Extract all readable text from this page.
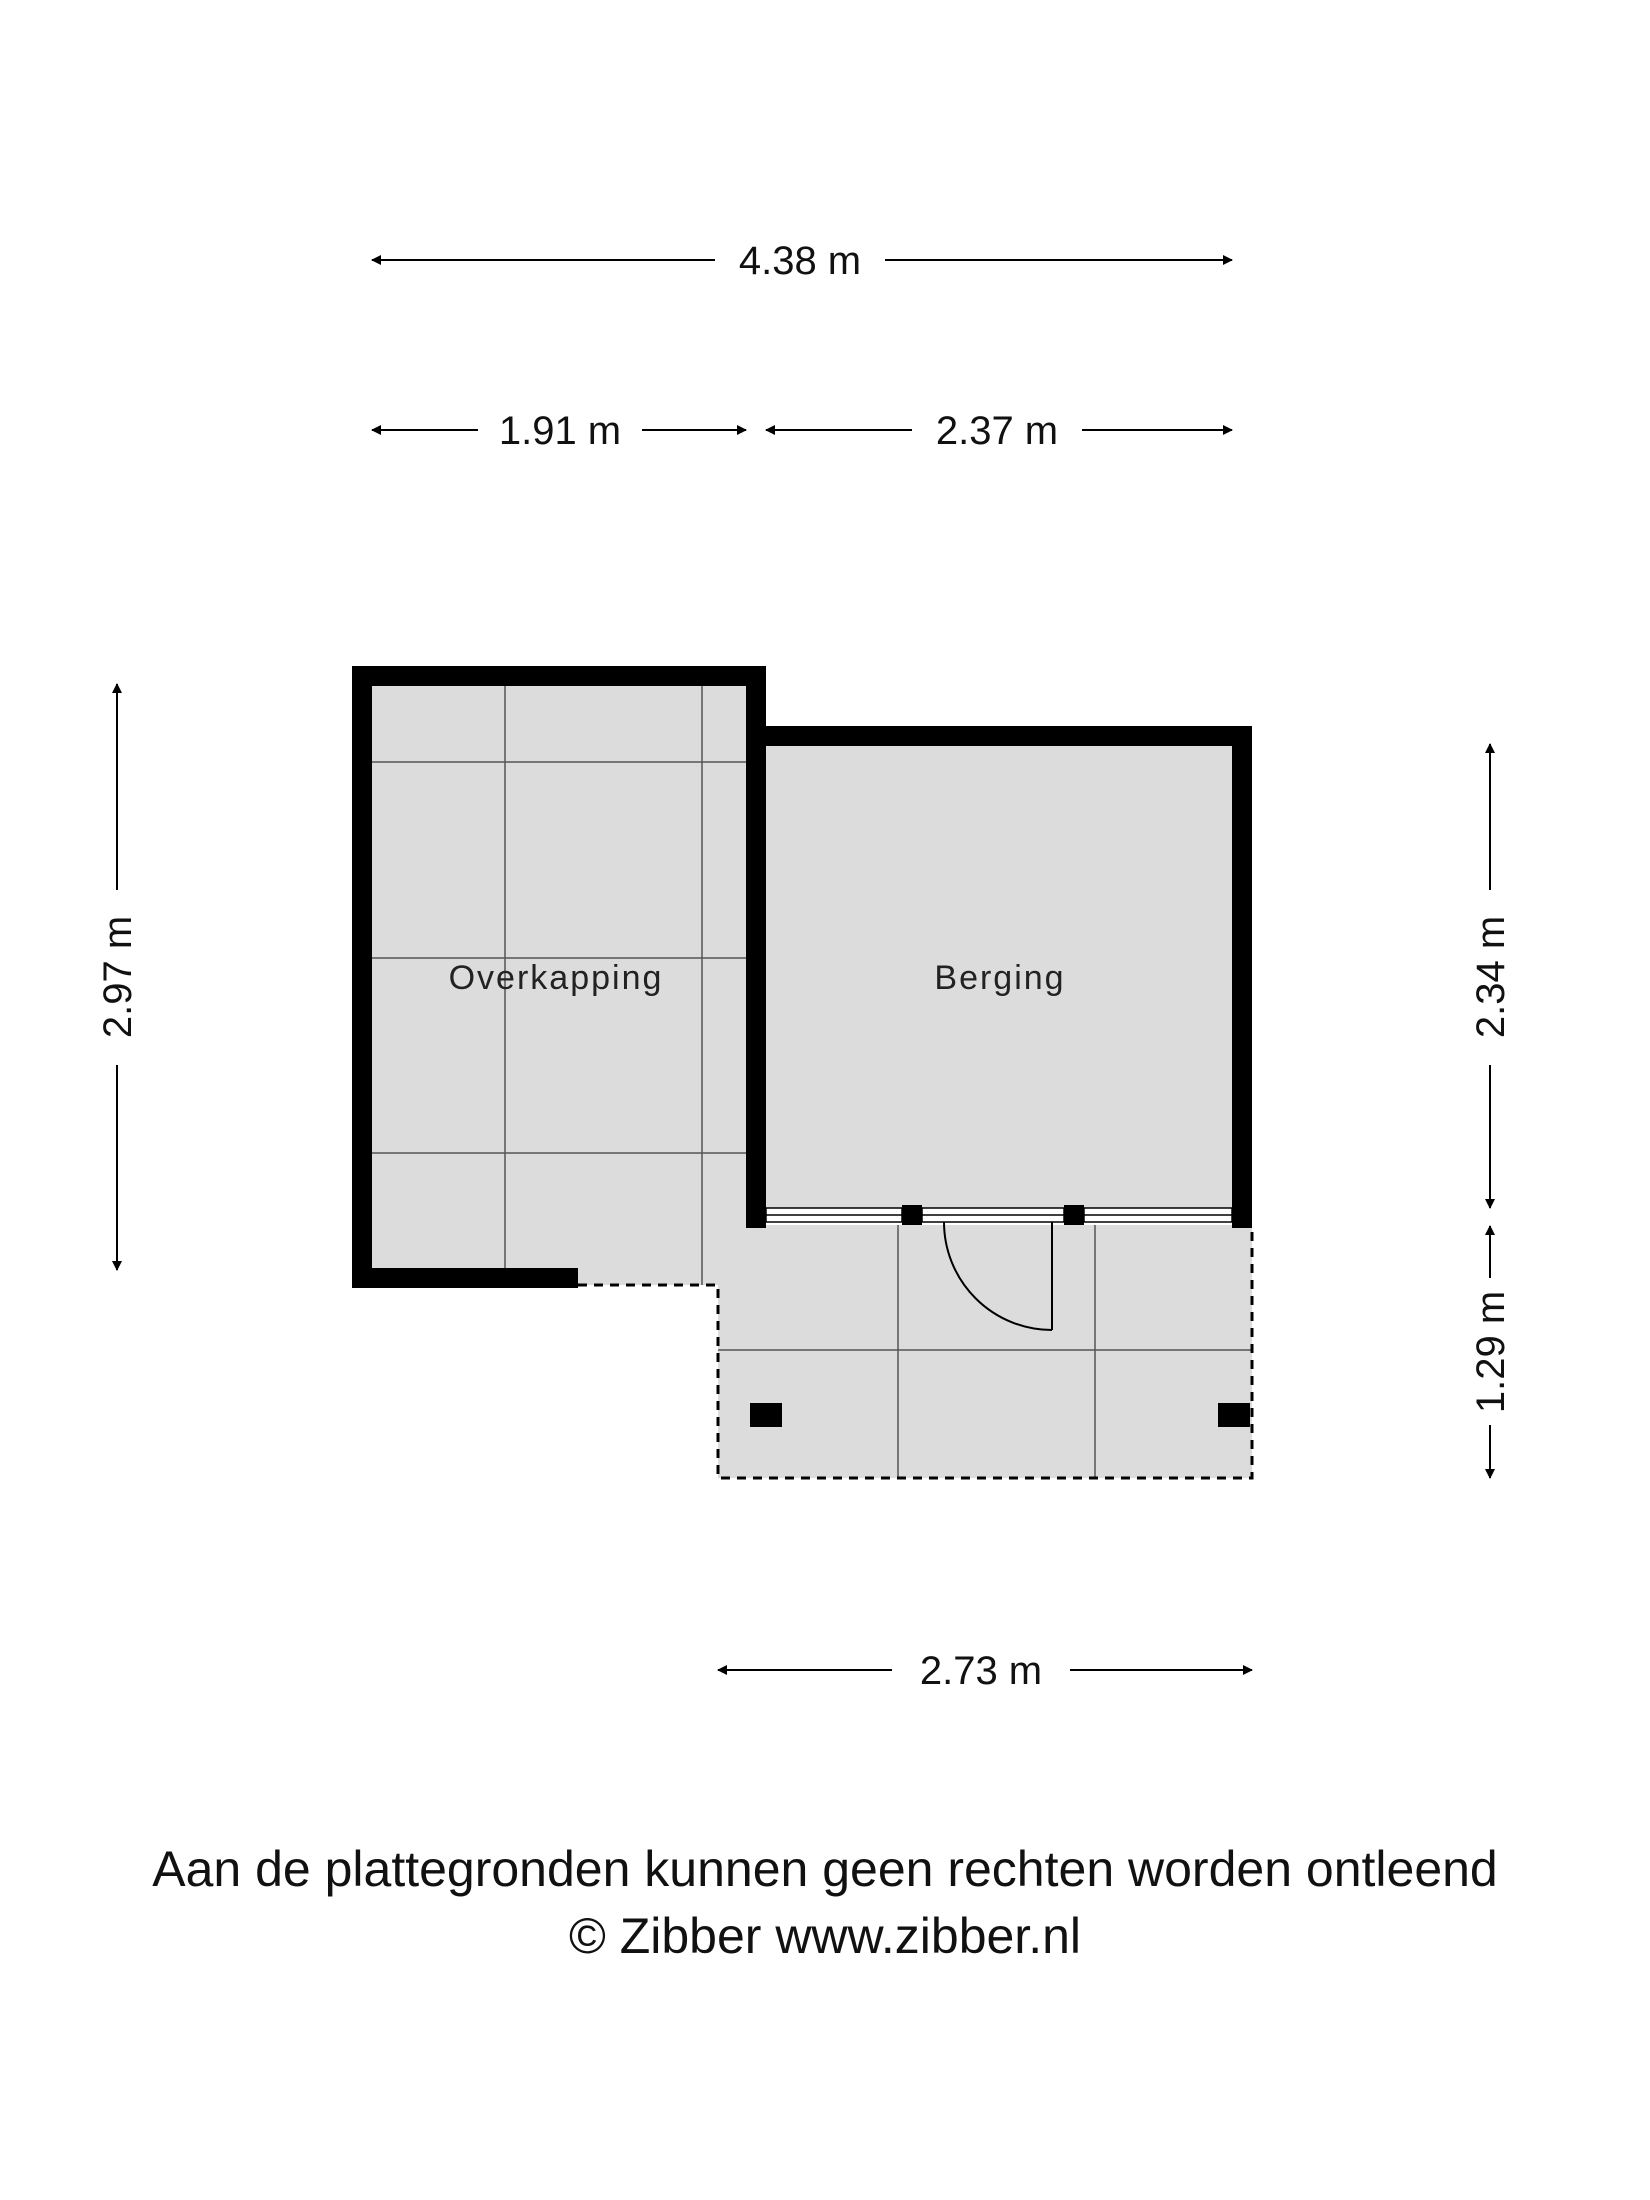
Overkapping	Berging
4.38 m
1.91 m	2.37 m
2.97 m	2.34 m
1.29 m
2.73 m
Aan de plattegronden kunnen geen rechten worden ontleend
© Zibber www.zibber.nl
